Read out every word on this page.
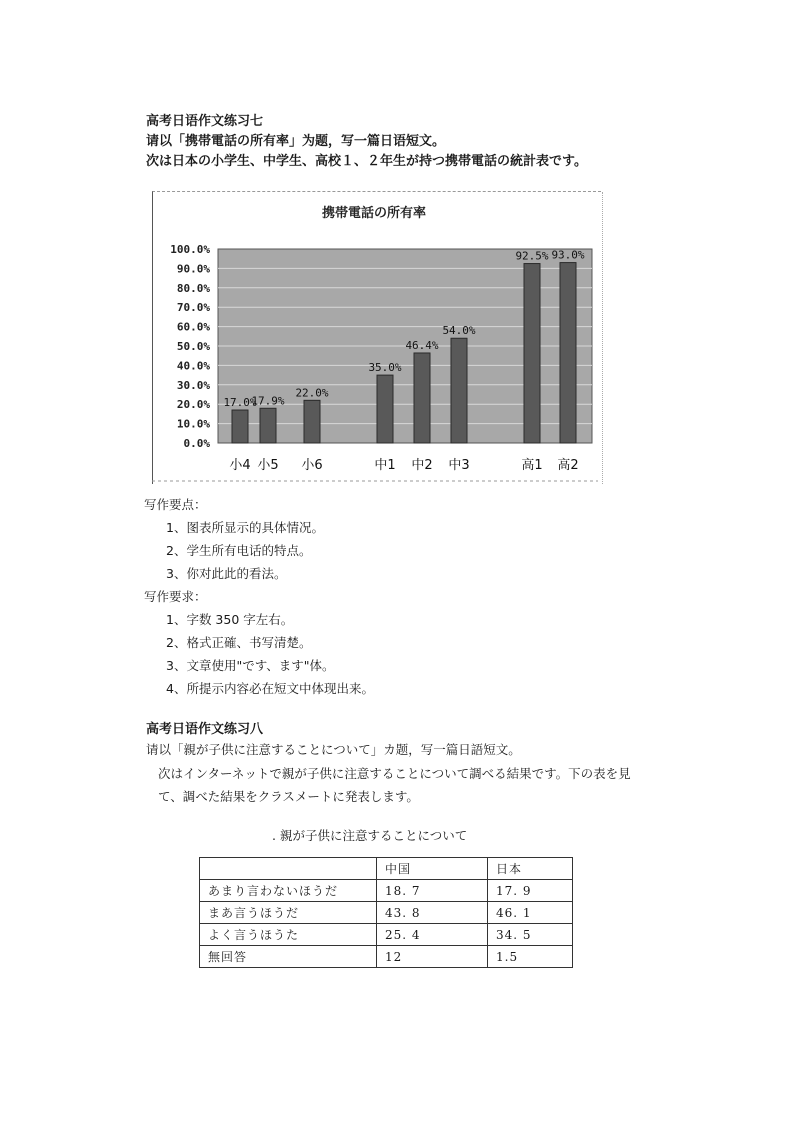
高考日语作文练习七
请以「携帯電話の所有率」为题，写一篇日语短文。
次は日本の小学生、中学生、高校１、２年生が持つ携帯電話の統計表です。
携帯電話の所有率
100.0%
90.0%
80.0%
70.0%
60.0%
50.0%
40.0%
30.0%
20.0%
10.0%
0.0%
17.0%
小4
17.9%
小5
22.0%
小6
35.0%
中1
46.4%
中2
54.0%
中3
92.5%
高1
93.0%
高2
写作要点：
1、图表所显示的具体情况。
2、学生所有电话的特点。
3、你对此此的看法。
写作要求：
1、字数 350 字左右。
2、格式正確、书写清楚。
3、文章使用"です、ます"体。
4、所提示内容必在短文中体现出来。
高考日语作文练习八
请以「親が子供に注意することについて」カ题，写一篇日語短文。
次はインターネットで親が子供に注意することについて調べる結果です。下の表を見
て、調べた結果をクラスメートに発表します。
. 親が子供に注意することについて
	中国	日本
あまり言わないほうだ	18. 7	17. 9
まあ言うほうだ	43. 8	46. 1
よく言うほうた	25. 4	34. 5
無回答	12	1.5
